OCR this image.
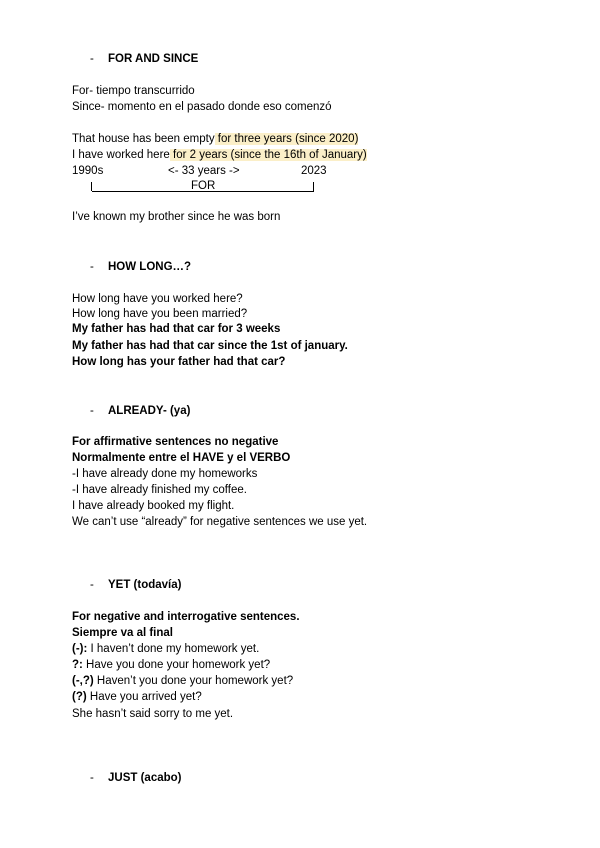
- FOR AND SINCE
For- tiempo transcurrido
Since- momento en el pasado donde eso comenzó
That house has been empty for three years (since 2020)
I have worked here for 2 years (since the 16th of January)
1990s	<- 33 years ->	2023
FOR
I’ve known my brother since he was born
- HOW LONG…?
How long have you worked here?
How long have you been married?
My father has had that car for 3 weeks
My father has had that car since the 1st of january.
How long has your father had that car?
- ALREADY- (ya)
For affirmative sentences no negative
Normalmente entre el HAVE y el VERBO
-I have already done my homeworks
-I have already finished my coffee.
I have already booked my flight.
We can’t use “already” for negative sentences we use yet.
- YET (todavía)
For negative and interrogative sentences.
Siempre va al final
(-): I haven’t done my homework yet.
?: Have you done your homework yet?
(-,?) Haven’t you done your homework yet?
(?) Have you arrived yet?
She hasn’t said sorry to me yet.
- JUST (acabo)
